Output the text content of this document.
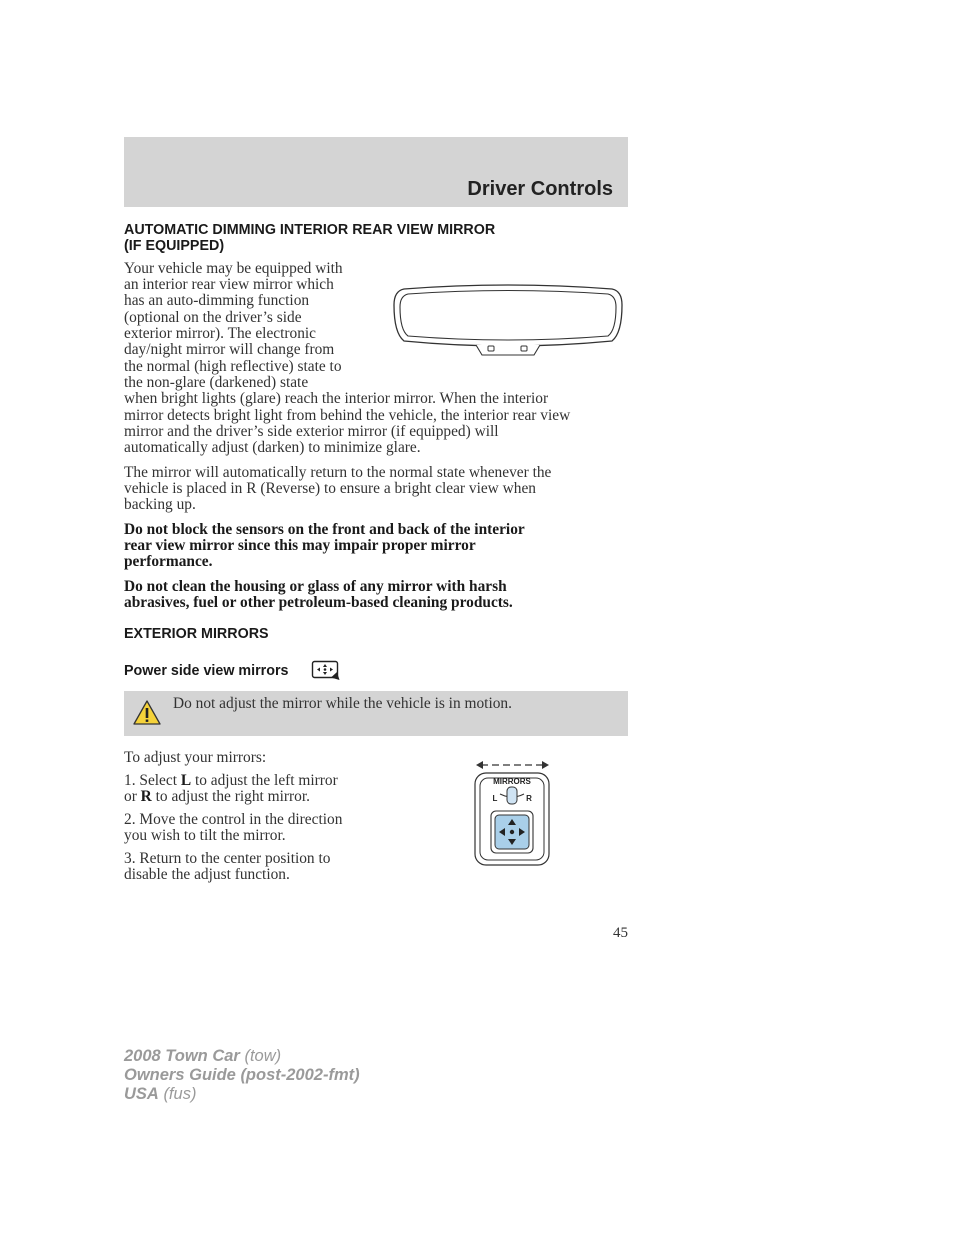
Driver Controls
AUTOMATIC DIMMING INTERIOR REAR VIEW MIRROR
(IF EQUIPPED)
Your vehicle may be equipped with
an interior rear view mirror which
has an auto-dimming function
(optional on the driver’s side
exterior mirror). The electronic
day/night mirror will change from
the normal (high reflective) state to
the non-glare (darkened) state
when bright lights (glare) reach the interior mirror. When the interior
mirror detects bright light from behind the vehicle, the interior rear view
mirror and the driver’s side exterior mirror (if equipped) will
automatically adjust (darken) to minimize glare.
The mirror will automatically return to the normal state whenever the
vehicle is placed in R (Reverse) to ensure a bright clear view when
backing up.
Do not block the sensors on the front and back of the interior
rear view mirror since this may impair proper mirror
performance.
Do not clean the housing or glass of any mirror with harsh
abrasives, fuel or other petroleum-based cleaning products.
EXTERIOR MIRRORS
Power side view mirrors
Do not adjust the mirror while the vehicle is in motion.
To adjust your mirrors:
1. Select L to adjust the left mirror
or R to adjust the right mirror.
2. Move the control in the direction
you wish to tilt the mirror.
3. Return to the center position to
disable the adjust function.
MIRRORS
L	R
45
2008 Town Car (tow)
Owners Guide (post-2002-fmt)
USA (fus)
